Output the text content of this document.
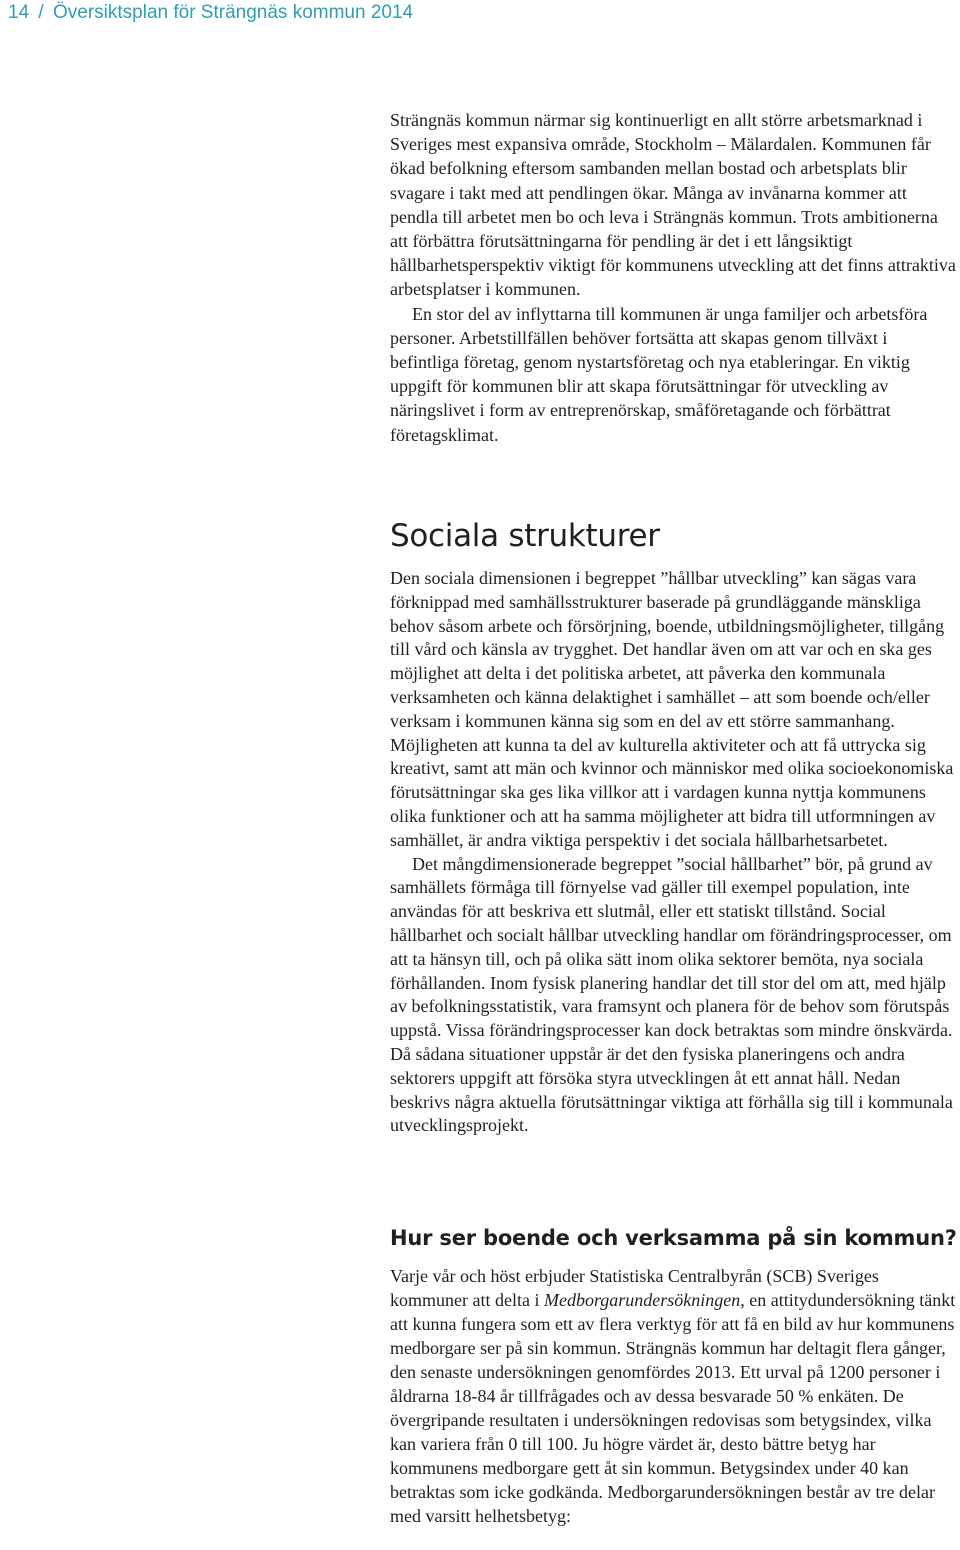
14 / Översiktsplan för Strängnäs kommun 2014

Strängnäs kommun närmar sig kontinuerligt en allt större arbetsmarknad i Sveriges mest expansiva område, Stockholm – Mälardalen. Kommunen får ökad befolkning eftersom sambanden mellan bostad och arbetsplats blir svagare i takt med att pendlingen ökar. Många av invånarna kommer att pendla till arbetet men bo och leva i Strängnäs kommun. Trots ambitionerna att förbättra förutsättningarna för pendling är det i ett långsiktigt hållbarhetsperspektiv viktigt för kommunens utveckling att det finns attraktiva arbetsplatser i kommunen.

En stor del av inflyttarna till kommunen är unga familjer och arbetsföra personer. Arbetstillfällen behöver fortsätta att skapas genom tillväxt i befintliga företag, genom nystartsföretag och nya etableringar. En viktig uppgift för kommunen blir att skapa förutsättningar för utveckling av näringslivet i form av entreprenörskap, småföretagande och förbättrat företagsklimat.

Sociala strukturer

Den sociala dimensionen i begreppet ”hållbar utveckling” kan sägas vara förknippad med samhällsstrukturer baserade på grundläggande mänskliga behov såsom arbete och försörjning, boende, utbildningsmöjligheter, tillgång till vård och känsla av trygghet. Det handlar även om att var och en ska ges möjlighet att delta i det politiska arbetet, att påverka den kommunala verksamheten och känna delaktighet i samhället – att som boende och/eller verksam i kommunen känna sig som en del av ett större sammanhang. Möjligheten att kunna ta del av kulturella aktiviteter och att få uttrycka sig kreativt, samt att män och kvinnor och människor med olika socioekonomiska förutsättningar ska ges lika villkor att i vardagen kunna nyttja kommunens olika funktioner och att ha samma möjligheter att bidra till utformningen av samhället, är andra viktiga perspektiv i det sociala hållbarhetsarbetet.

Det mångdimensionerade begreppet ”social hållbarhet” bör, på grund av samhällets förmåga till förnyelse vad gäller till exempel population, inte användas för att beskriva ett slutmål, eller ett statiskt tillstånd. Social hållbarhet och socialt hållbar utveckling handlar om förändringsprocesser, om att ta hänsyn till, och på olika sätt inom olika sektorer bemöta, nya sociala förhållanden. Inom fysisk planering handlar det till stor del om att, med hjälp av befolkningsstatistik, vara framsynt och planera för de behov som förutspås uppstå. Vissa förändringsprocesser kan dock betraktas som mindre önskvärda. Då sådana situationer uppstår är det den fysiska planeringens och andra sektorers uppgift att försöka styra utvecklingen åt ett annat håll. Nedan beskrivs några aktuella förutsättningar viktiga att förhålla sig till i kommunala utvecklingsprojekt.

Hur ser boende och verksamma på sin kommun?

Varje vår och höst erbjuder Statistiska Centralbyrån (SCB) Sveriges kommuner att delta i Medborgarundersökningen, en attitydundersökning tänkt att kunna fungera som ett av flera verktyg för att få en bild av hur kommunens medborgare ser på sin kommun. Strängnäs kommun har deltagit flera gånger, den senaste undersökningen genomfördes 2013. Ett urval på 1200 personer i åldrarna 18-84 år tillfrågades och av dessa besvarade 50 % enkäten. De övergripande resultaten i undersökningen redovisas som betygsindex, vilka kan variera från 0 till 100. Ju högre värdet är, desto bättre betyg har kommunens medborgare gett åt sin kommun. Betygsindex under 40 kan betraktas som icke godkända. Medborgarundersökningen består av tre delar med varsitt helhetsbetyg:
